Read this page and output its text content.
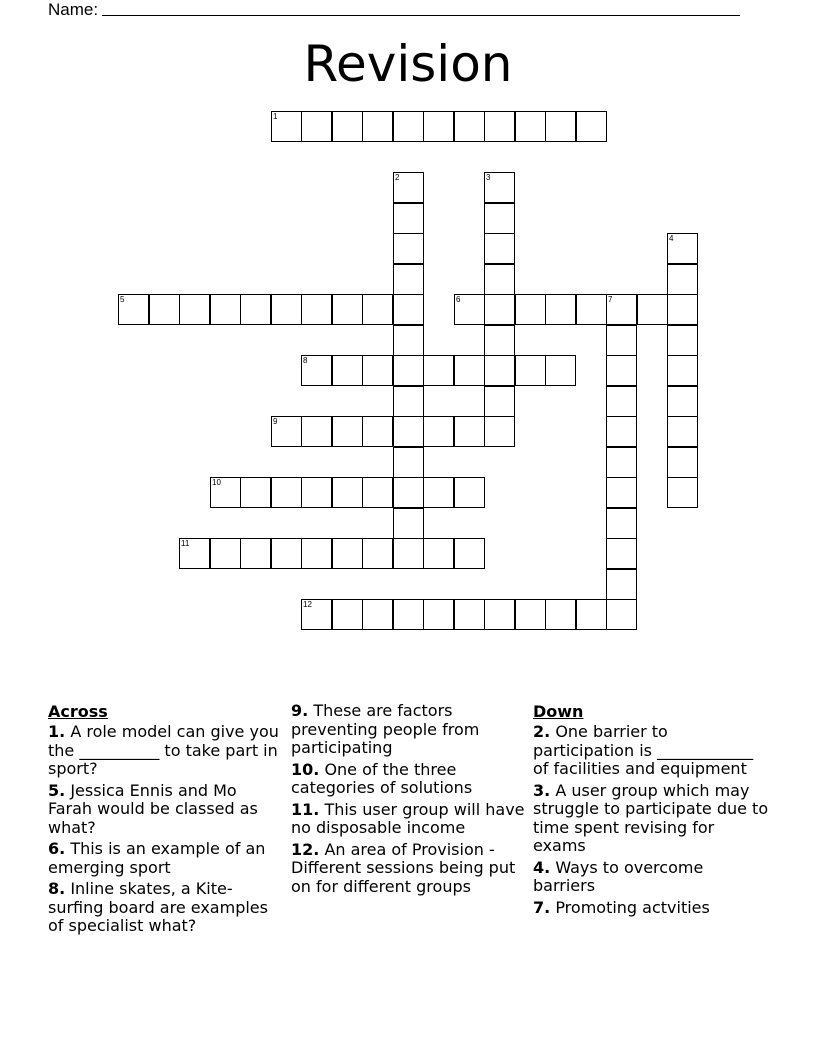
Name:
Revision
1
2	3
4
5	6	7
8
9
10
11
12
Across
1. A role model can give you the __________ to take part in sport?
5. Jessica Ennis and Mo Farah would be classed as what?
6. This is an example of an emerging sport
8. Inline skates, a Kite-surfing board are examples of specialist what?
9. These are factors preventing people from participating
10. One of the three categories of solutions
11. This user group will have no disposable income
12. An area of Provision - Different sessions being put on for different groups
Down
2. One barrier to participation is ____________ of facilities and equipment
3. A user group which may struggle to participate due to time spent revising for exams
4. Ways to overcome barriers
7. Promoting actvities
